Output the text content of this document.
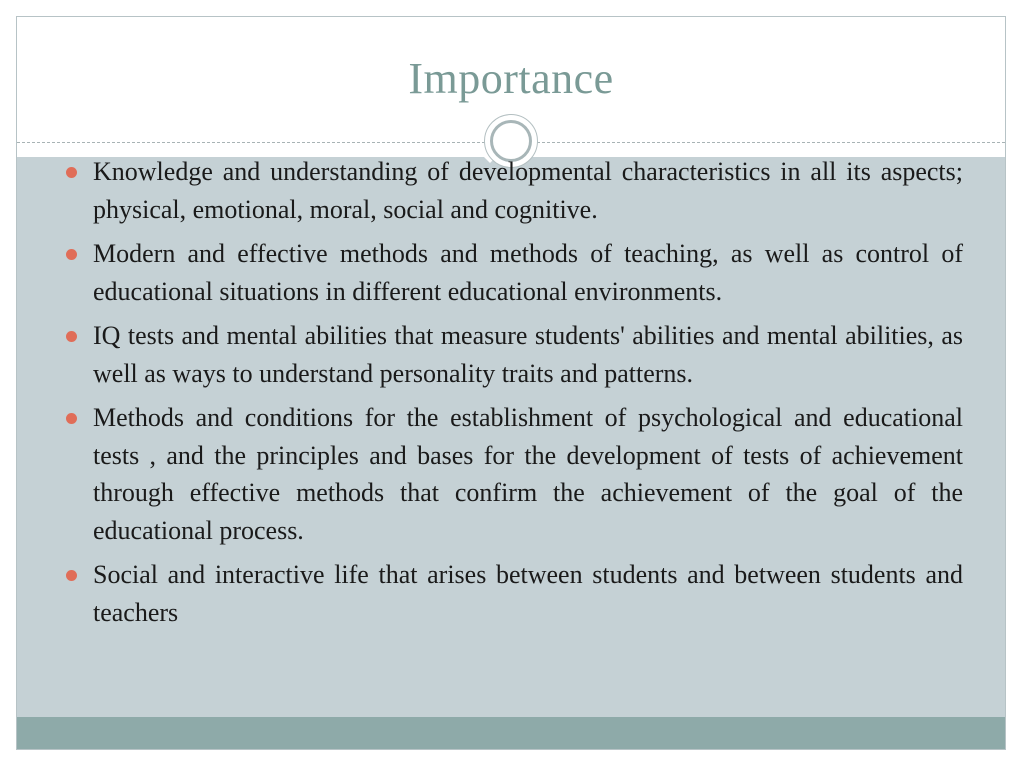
Importance
Knowledge and understanding of developmental characteristics in all its aspects; physical, emotional, moral, social and cognitive.
Modern and effective methods and methods of teaching, as well as control of educational situations in different educational environments.
IQ tests and mental abilities that measure students' abilities and mental abilities, as well as ways to understand personality traits and patterns.
Methods and conditions for the establishment of psychological and educational tests , and the principles and bases for the development of tests of achievement through effective methods that confirm the achievement of the goal of the educational process.
Social and interactive life that arises between students and between students and teachers
